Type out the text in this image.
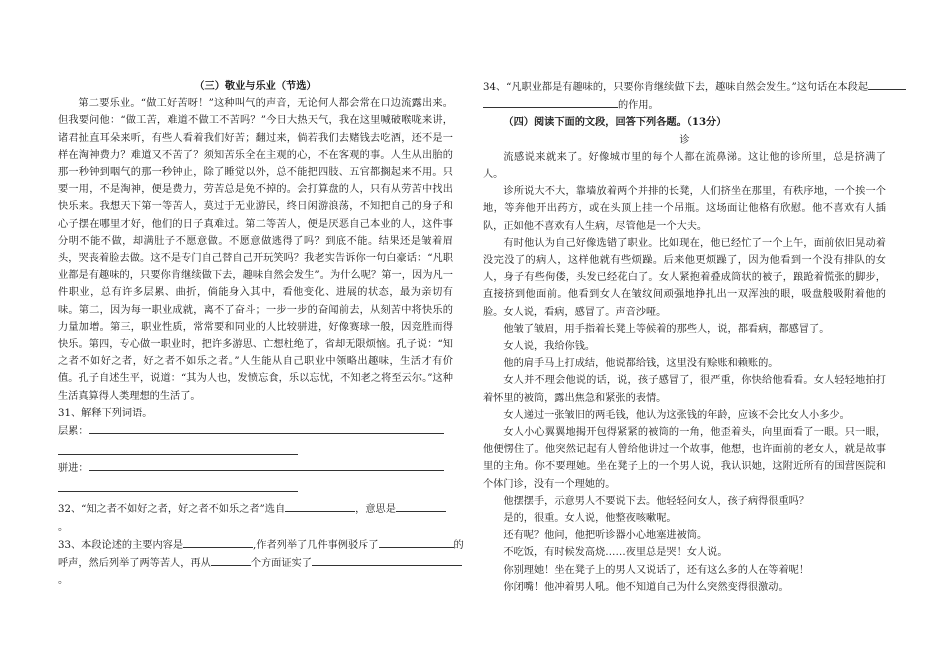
（三）敬业与乐业（节选）

第二要乐业。“做工好苦呀！”这种叫气的声音，无论何人都会常在口边流露出来。但我要问他：“做工苦，难道不做工不苦吗？”今日大热天气，我在这里喊破喉咙来讲，诸君扯直耳朵来听，有些人看着我们好苦；翻过来，倘若我们去赌钱去吃酒，还不是一样在淘神费力？难道又不苦了？须知苦乐全在主观的心，不在客观的事。人生从出胎的那一秒钟到咽气的那一秒钟止，除了睡觉以外，总不能把四肢、五官都搁起来不用。只要一用，不是淘神，便是费力，劳苦总是免不掉的。会打算盘的人，只有从劳苦中找出快乐来。我想天下第一等苦人，莫过于无业游民，终日闲游浪荡，不知把自己的身子和心子摆在哪里才好，他们的日子真难过。第二等苦人，便是厌恶自己本业的人，这件事分明不能不做，却满肚子不愿意做。不愿意做逃得了吗？到底不能。结果还是皱着眉头，哭丧着脸去做。这不是专门自己替自己开玩笑吗？我老实告诉你一句白豪话：“凡职业都是有趣味的，只要你肯继续做下去，趣味自然会发生”。为什么呢？第一，因为凡一件职业，总有许多层累、曲折，倘能身入其中，看他变化、进展的状态，最为亲切有味。第二，因为每一职业成就，离不了奋斗；一步一步的奋闻前去，从刻苦中将快乐的力量加增。第三，职业性质，常常要和同业的人比较骈进，好像赛球一般，因竞胜而得快乐。第四，专心做一职业时，把许多游思、亡想杜绝了，省却无限烦恼。孔子说：“知之者不如好之者，好之者不如乐之者。”人生能从自己职业中领略出趣味，生活才有价值。孔子自述生平，说道：“其为人也，发愤忘食，乐以忘忧，不知老之将至云尔。”这种生活真算得人类理想的生活了。

31、解释下列词语。

层累：
骈进：

32、“知之者不如好之者，好之者不如乐之者”选自	，意思是

。

33、本段论述的主要内容是	,作者列举了几件事例驳斥了	的

呼声，然后列举了两等苦人，再从	个方面证实了

。

34、“凡职业都是有趣味的，只要你肯继续做下去，趣味自然会发生。”这句话在本段起

的作用。

（四）阅读下面的文段，回答下列各题。（13分）

诊

流感说来就来了。好像城市里的每个人都在流鼻涕。这让他的诊所里，总是挤满了人。

诊所说大不大，靠墙放着两个并排的长凳，人们挤坐在那里，有秩序地，一个挨一个地，等奔他开出药方，或在头顶上挂一个吊瓶。这场面让他格有欣慰。他不喜欢有人插队，正如他不喜欢有人生病，尽管他是一个大夫。

有时他认为自己好像选错了职业。比如现在，他已经忙了一个上午，面前依旧晃动着没完没了的病人，这样他就有些烦躁。后来他更烦躁了，因为他看到一个没有排队的女人，身子有些佝偻，头发已经花白了。女人紧抱着叠成筒状的被子，踉跄着慌张的脚步，直接挤到他面前。他看到女人在皱纹间顽强地挣扎出一双浑浊的眼，吸盘般吸附着他的脸。女人说，看病，感冒了。声音沙哑。

他皱了皱眉，用手指着长凳上等候着的那些人，说，都看病，都感冒了。

女人说，我给你钱。

他的肩手马上打成结，他说都给钱，这里没有赊账和赖账的。

女人并不理会他说的话，说，孩子感冒了，很严重，你快给他看看。女人轻轻地拍打着怀里的被筒，露出焦急和紧张的表情。

女人递过一张皱旧的两毛钱，他认为这张钱的年龄，应该不会比女人小多少。

女人小心翼翼地揭开包得紧紧的被筒的一角，他歪着头，向里面看了一眼。只一眼，他便愣住了。他突然记起有人曾给他讲过一个故事，他想，也许面前的老女人，就是故事里的主角。你不要理她。坐在凳子上的一个男人说，我认识她，这附近所有的国营医院和个体门诊，没有一个理她的。

他摆摆手，示意男人不要说下去。他轻轻问女人，孩子病得很重吗？

是的，很重。女人说，他整夜咳嗽呢。

还有呢？他问，他把听诊器小心地塞进被筒。

不吃饭，有时候发高烧……夜里总是哭！女人说。

你别理她！坐在凳子上的男人又说话了，还有这么多的人在等着呢！

你闭嘴！他冲着男人吼。他不知道自己为什么突然变得很激动。
